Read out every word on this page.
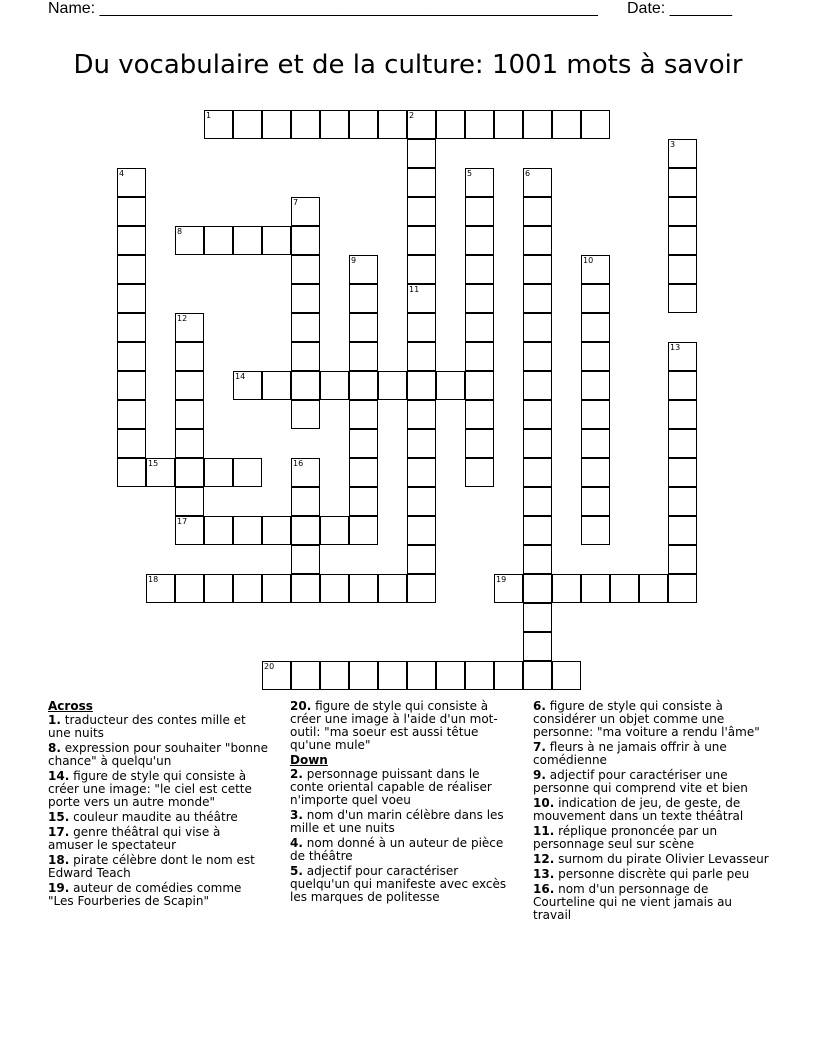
Name: ________________________________________________________ Date: _______
Du vocabulaire et de la culture: 1001 mots à savoir
1	2
3
4	5	6
7
8
9	10
11
12
13
14
15	16
17
18	19
20

Across

1. traducteur des contes mille et une nuits

8. expression pour souhaiter "bonne chance" à quelqu'un

14. figure de style qui consiste à créer une image: "le ciel est cette porte vers un autre monde"

15. couleur maudite au théâtre

17. genre théâtral qui vise à amuser le spectateur

18. pirate célèbre dont le nom est Edward Teach

19. auteur de comédies comme "Les Fourberies de Scapin"

20. figure de style qui consiste à créer une image à l'aide d'un mot-outil: "ma soeur est aussi têtue qu'une mule"

Down

2. personnage puissant dans le conte oriental capable de réaliser n'importe quel voeu

3. nom d'un marin célèbre dans les mille et une nuits

4. nom donné à un auteur de pièce de théâtre

5. adjectif pour caractériser quelqu'un qui manifeste avec excès les marques de politesse

6. figure de style qui consiste à considérer un objet comme une personne: "ma voiture a rendu l'âme"

7. fleurs à ne jamais offrir à une comédienne

9. adjectif pour caractériser une personne qui comprend vite et bien

10. indication de jeu, de geste, de mouvement dans un texte théâtral

11. réplique prononcée par un personnage seul sur scène

12. surnom du pirate Olivier Levasseur

13. personne discrète qui parle peu

16. nom d'un personnage de Courteline qui ne vient jamais au travail
